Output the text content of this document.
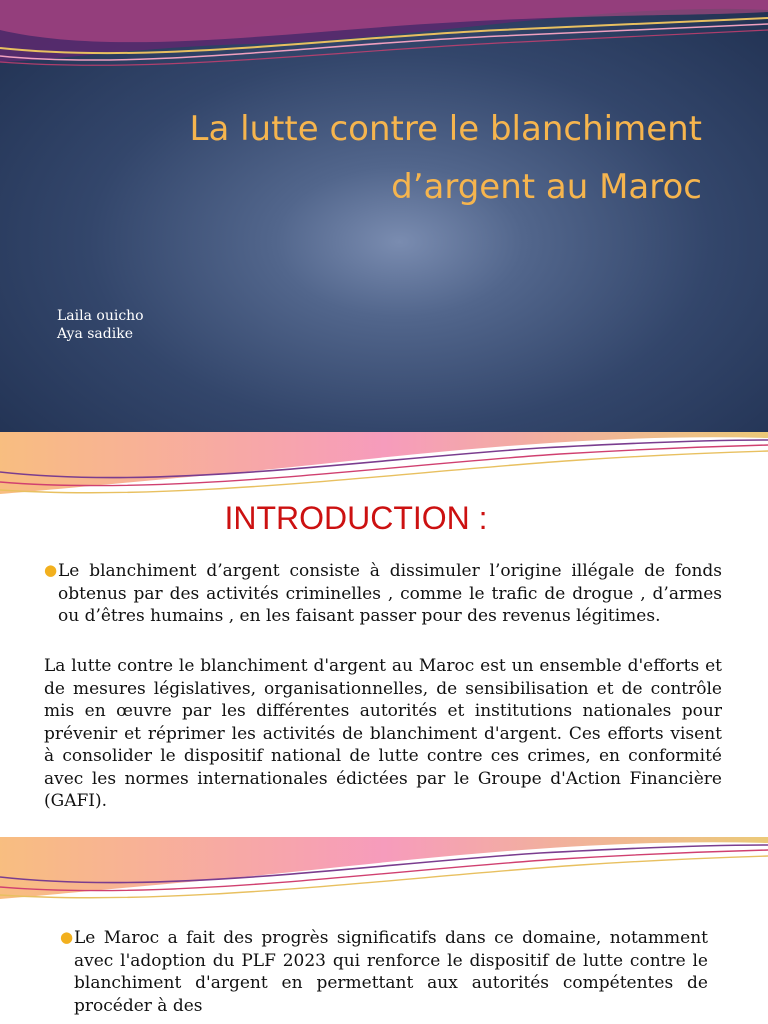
La lutte contre le blanchiment
d’argent au Maroc
Laila ouicho
Aya sadike
INTRODUCTION :
● Le blanchiment d’argent consiste à dissimuler l’origine illégale de fonds obtenus par des activités criminelles , comme le trafic de drogue , d’armes ou d’êtres humains , en les faisant passer pour des revenus légitimes.

La lutte contre le blanchiment d'argent au Maroc est un ensemble d'efforts et de mesures législatives, organisationnelles, de sensibilisation et de contrôle mis en œuvre par les différentes autorités et institutions nationales pour prévenir et réprimer les activités de blanchiment d'argent. Ces efforts visent à consolider le dispositif national de lutte contre ces crimes, en conformité avec les normes internationales édictées par le Groupe d'Action Financière (GAFI).

● Le Maroc a fait des progrès significatifs dans ce domaine, notamment avec l'adoption du PLF 2023 qui renforce le dispositif de lutte contre le blanchiment d'argent en permettant aux autorités compétentes de procéder à des
